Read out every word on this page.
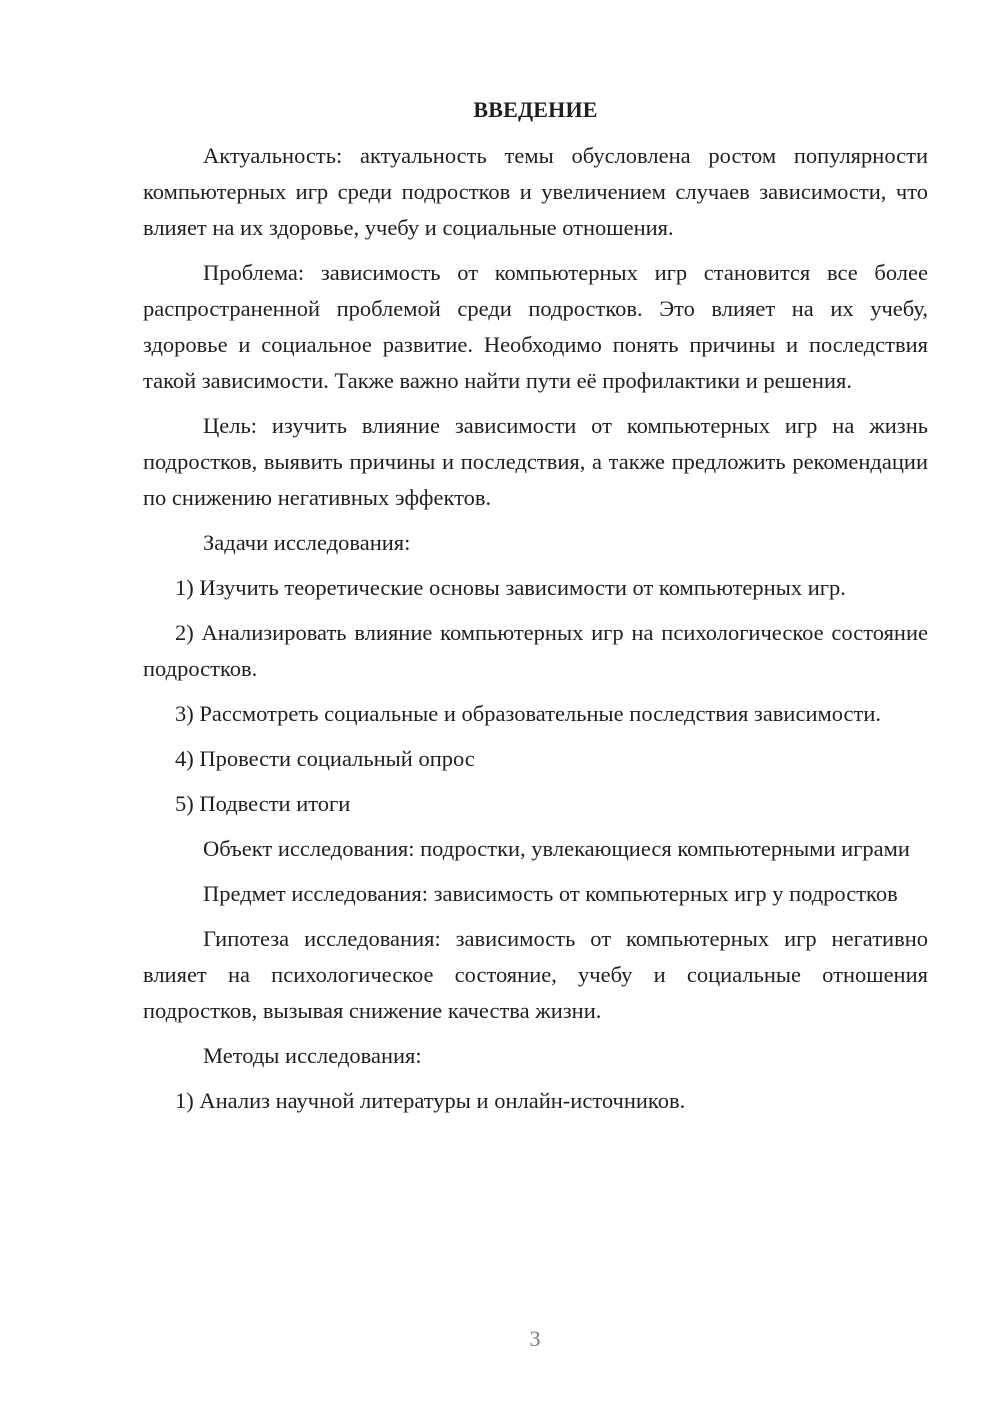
ВВЕДЕНИЕ

Актуальность: актуальность темы обусловлена ростом популярности компьютерных игр среди подростков и увеличением случаев зависимости, что влияет на их здоровье, учебу и социальные отношения.

Проблема: зависимость от компьютерных игр становится все более распространенной проблемой среди подростков. Это влияет на их учебу, здоровье и социальное развитие. Необходимо понять причины и последствия такой зависимости. Также важно найти пути её профилактики и решения.

Цель: изучить влияние зависимости от компьютерных игр на жизнь подростков, выявить причины и последствия, а также предложить рекомендации по снижению негативных эффектов.

Задачи исследования:

1) Изучить теоретические основы зависимости от компьютерных игр.

2) Анализировать влияние компьютерных игр на психологическое состояние подростков.

3) Рассмотреть социальные и образовательные последствия зависимости.

4) Провести социальный опрос

5) Подвести итоги

Объект исследования: подростки, увлекающиеся компьютерными играми

Предмет исследования: зависимость от компьютерных игр у подростков

Гипотеза исследования: зависимость от компьютерных игр негативно влияет на психологическое состояние, учебу и социальные отношения подростков, вызывая снижение качества жизни.

Методы исследования:

1) Анализ научной литературы и онлайн-источников.

3
